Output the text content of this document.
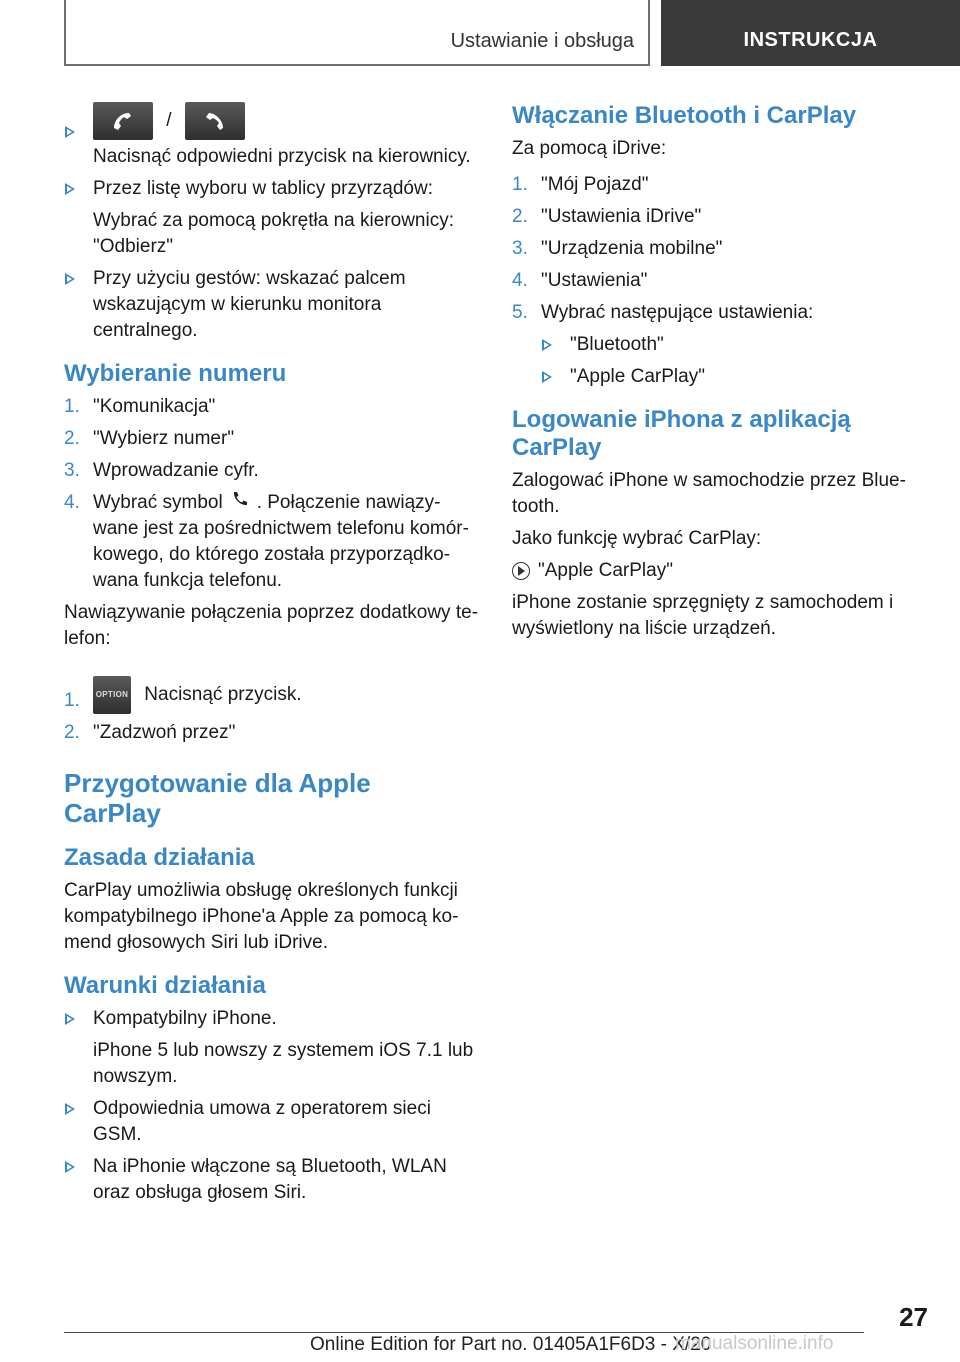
Ustawianie i obsługa	INSTRUKCJA
/
Nacisnąć odpowiedni przycisk na kierownicy.
Przez listę wyboru w tablicy przyrządów:
Wybrać za pomocą pokrętła na kierownicy: "Odbierz"
Przy użyciu gestów: wskazać palcem wskazującym w kierunku monitora centralnego.
Wybieranie numeru
1. "Komunikacja"
2. "Wybierz numer"
3. Wprowadzanie cyfr.
4. Wybrać symbol . Połączenie nawiązywane jest za pośrednictwem telefonu komórkowego, do którego została przyporządkowana funkcja telefonu.
Nawiązywanie połączenia poprzez dodatkowy telefon:
1. OPTION Nacisnąć przycisk.
2. "Zadzwoń przez"
Przygotowanie dla Apple CarPlay
Zasada działania
CarPlay umożliwia obsługę określonych funkcji kompatybilnego iPhone'a Apple za pomocą komend głosowych Siri lub iDrive.
Warunki działania
Kompatybilny iPhone.
iPhone 5 lub nowszy z systemem iOS 7.1 lub nowszym.
Odpowiednia umowa z operatorem sieci GSM.
Na iPhonie włączone są Bluetooth, WLAN oraz obsługa głosem Siri.
Włączanie Bluetooth i CarPlay
Za pomocą iDrive:
1. "Mój Pojazd"
2. "Ustawienia iDrive"
3. "Urządzenia mobilne"
4. "Ustawienia"
5. Wybrać następujące ustawienia:
"Bluetooth"
"Apple CarPlay"
Logowanie iPhona z aplikacją CarPlay
Zalogować iPhone w samochodzie przez Bluetooth.
Jako funkcję wybrać CarPlay:
"Apple CarPlay"
iPhone zostanie sprzęgnięty z samochodem i wyświetlony na liście urządzeń.
27
Online Edition for Part no. 01405A1F6D3 - X/20
manualsonline.info
